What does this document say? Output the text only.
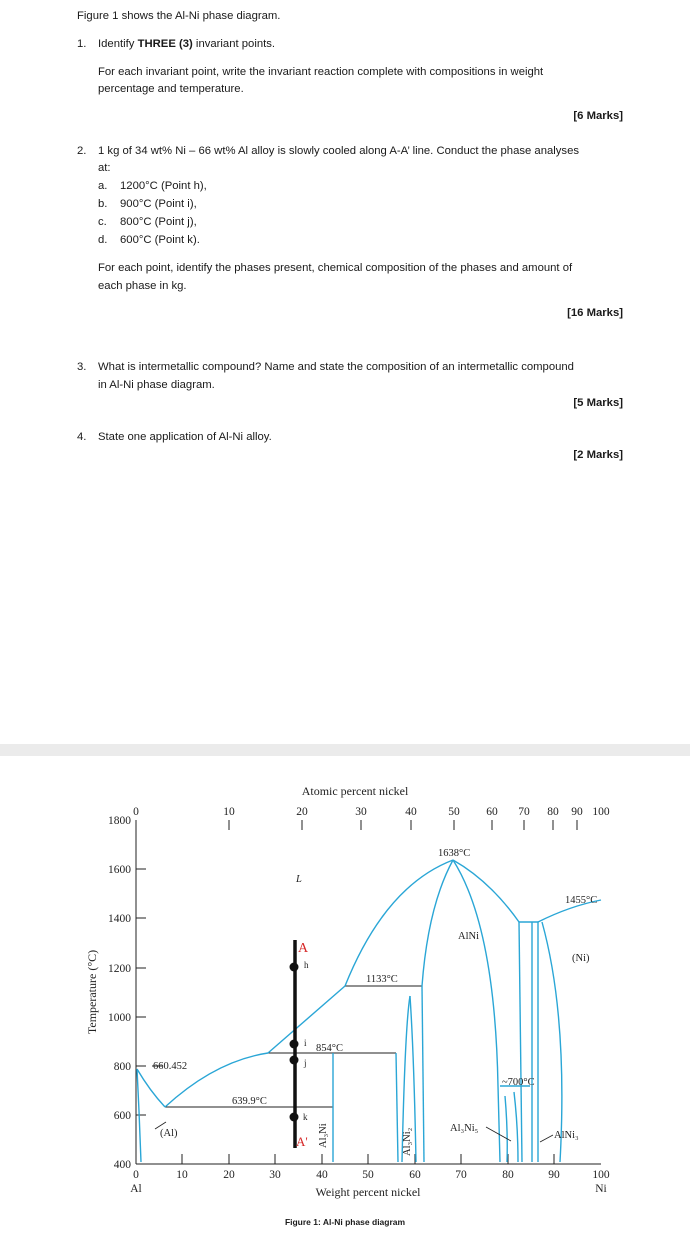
Figure 1 shows the Al-Ni phase diagram.
1. Identify THREE (3) invariant points.
For each invariant point, write the invariant reaction complete with compositions in weight
percentage and temperature.
[6 Marks]
2. 1 kg of 34 wt% Ni – 66 wt% Al alloy is slowly cooled along A-A’ line. Conduct the phase analyses
at:
a. 1200°C (Point h),
b. 900°C (Point i),
c. 800°C (Point j),
d. 600°C (Point k).
For each point, identify the phases present, chemical composition of the phases and amount of
each phase in kg.
[16 Marks]
3. What is intermetallic compound? Name and state the composition of an intermetallic compound
in Al-Ni phase diagram.
[5 Marks]
4. State one application of Al-Ni alloy.
[2 Marks]
Atomic percent nickel
0	10	20	30	40	50 60 70 80 90 100
1800
1600
1400
1200
1000
800
600
400
Temperature (°C)
0	10	20	30	40	50	60	70	80	90	100
Al	Ni
Weight percent nickel
660.452
639.9°C
854°C
1133°C
1638°C
1455°C
~700°C
L
(Al)
(Ni)
AlNi
Al₃Ni₅
AlNi₃
Al₃Ni	Al₃Ni₂
A
A'
h
i
j
k
Figure 1: Al-Ni phase diagram
